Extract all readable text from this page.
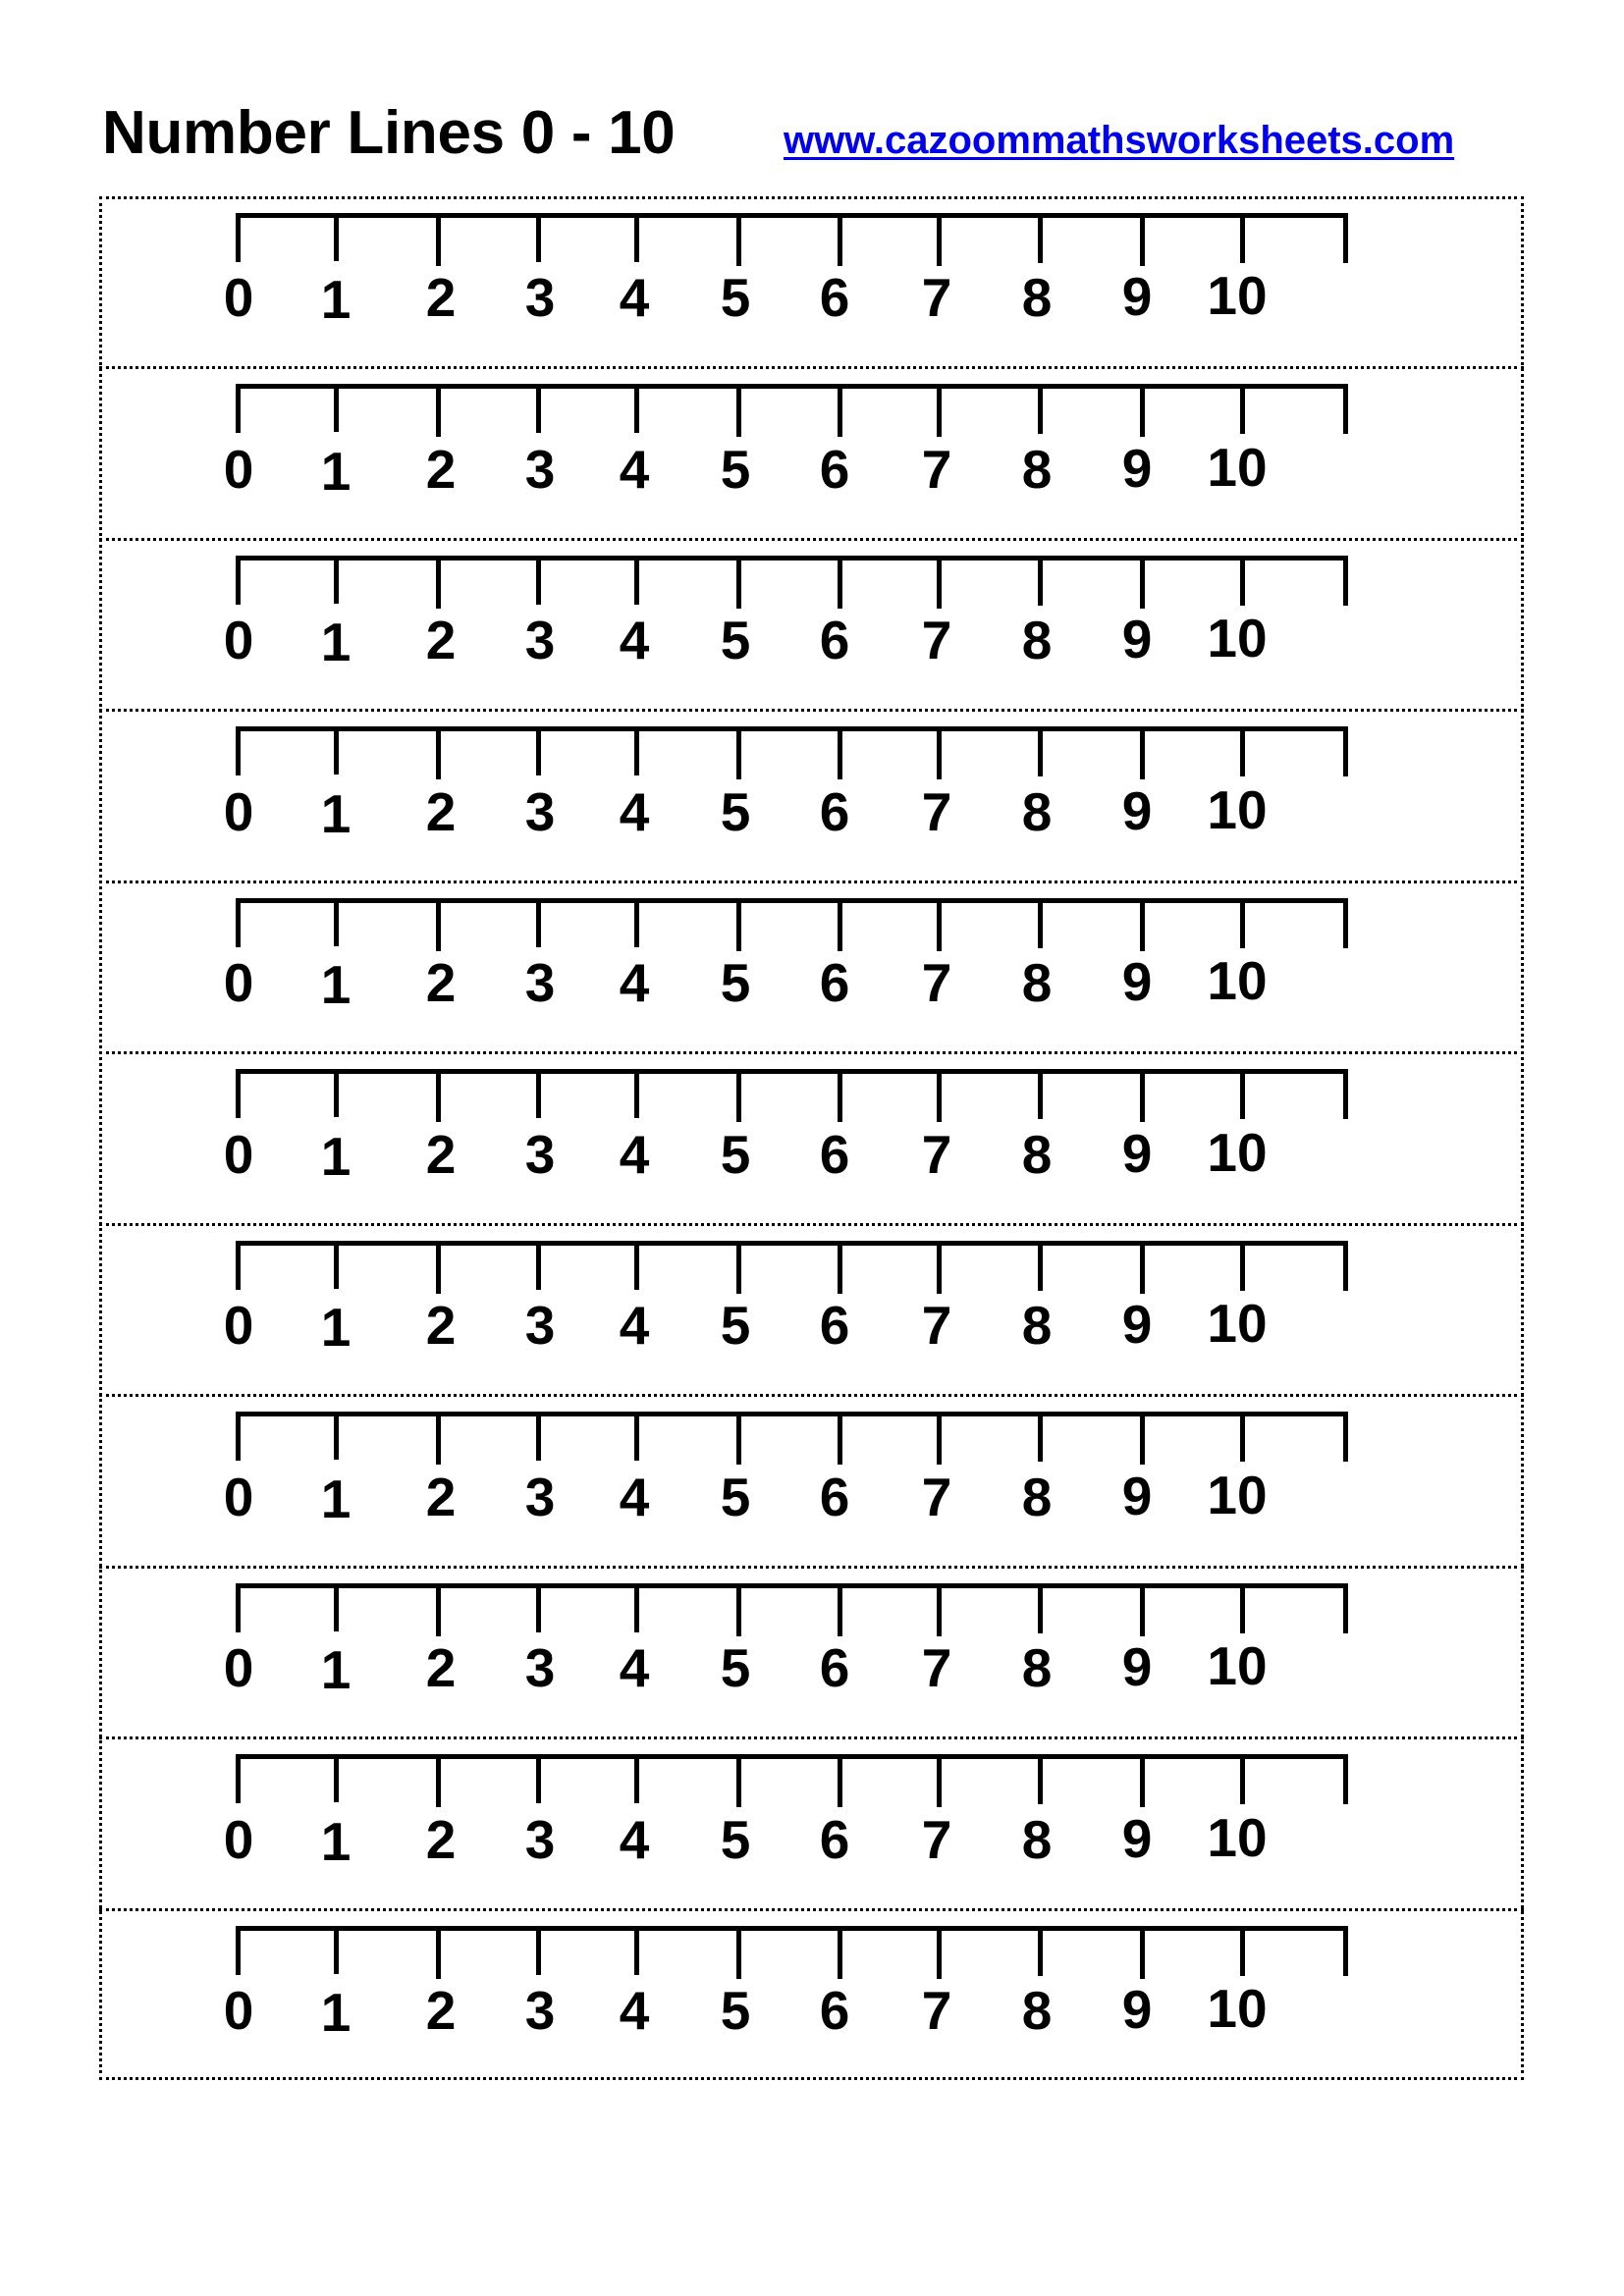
Number Lines 0 - 10	www.cazoommathsworksheets.com
0	1	2	3	4	5	6	7	8	9	10
0	1	2	3	4	5	6	7	8	9	10
0	1	2	3	4	5	6	7	8	9	10
0	1	2	3	4	5	6	7	8	9	10
0	1	2	3	4	5	6	7	8	9	10
0	1	2	3	4	5	6	7	8	9	10
0	1	2	3	4	5	6	7	8	9	10
0	1	2	3	4	5	6	7	8	9	10
0	1	2	3	4	5	6	7	8	9	10
0	1	2	3	4	5	6	7	8	9	10
0	1	2	3	4	5	6	7	8	9	10
